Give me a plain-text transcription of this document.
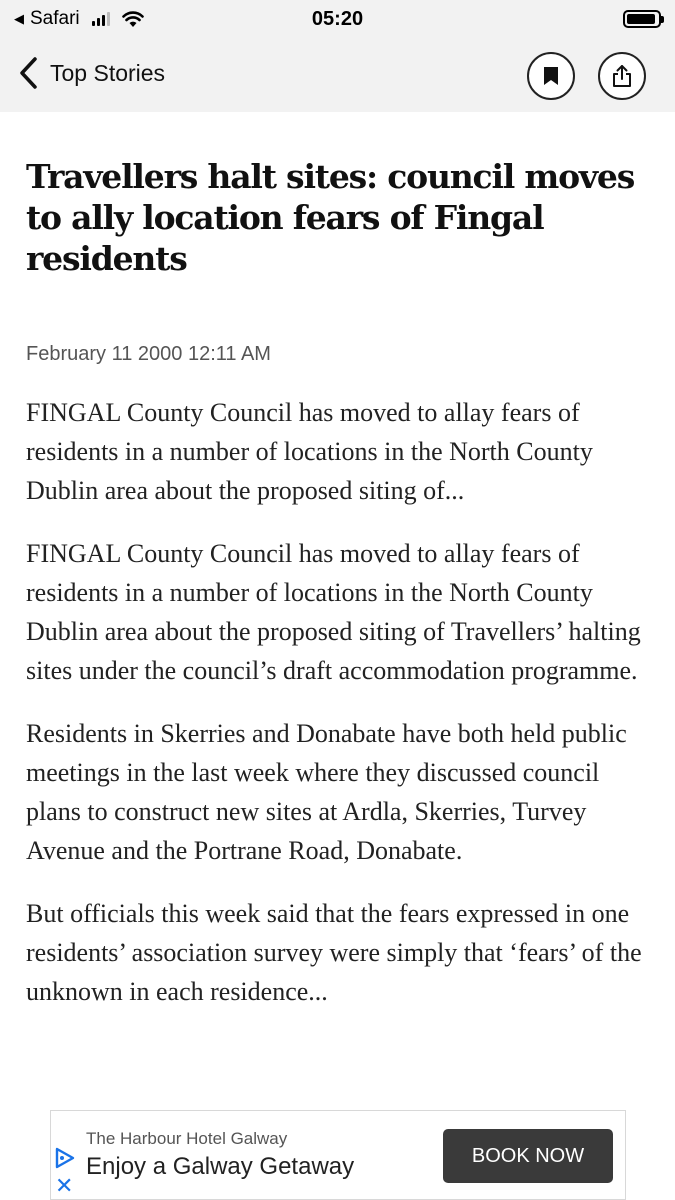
◀ Safari	05:20
Top Stories
Travellers halt sites: council moves to ally location fears of Fingal residents
February 11 2000 12:11 AM

FINGAL County Council has moved to allay fears of residents in a number of locations in the North County Dublin area about the proposed siting of...

FINGAL County Council has moved to allay fears of residents in a number of locations in the North County Dublin area about the proposed siting of Travellers’ halting sites under the council’s draft accommodation programme.

Residents in Skerries and Donabate have both held public meetings in the last week where they discussed council plans to construct new sites at Ardla, Skerries, Turvey Avenue and the Portrane Road, Donabate.

But officials this week said that the fears expressed in one residents’ association survey were simply that ‘fears’ of the unknown in each residence...

✕
The Harbour Hotel Galway
Enjoy a Galway Getaway	BOOK NOW
